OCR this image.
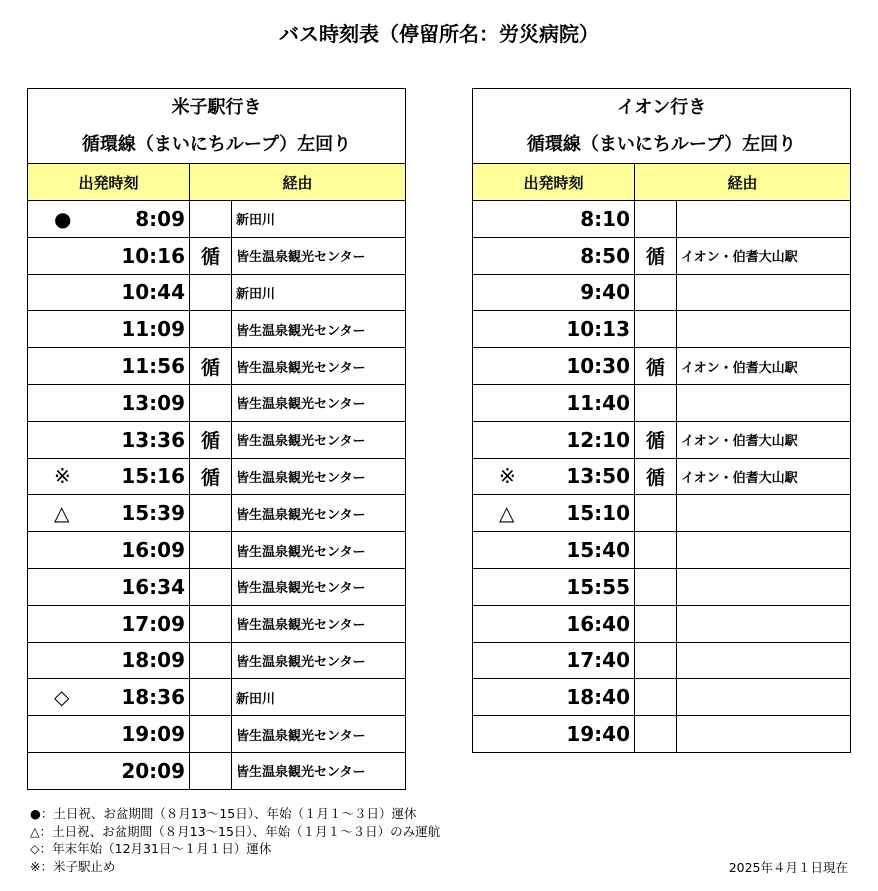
バス時刻表（停留所名：労災病院）
米子駅行き
循環線（まいにちループ）左回り		

出発時刻	経由	

● 8:09		新田川

10:16	循	皆生温泉観光センター

10:44		新田川

11:09		皆生温泉観光センター

11:56	循	皆生温泉観光センター

13:09		皆生温泉観光センター

13:36	循	皆生温泉観光センター

※ 15:16	循	皆生温泉観光センター

△ 15:39		皆生温泉観光センター

16:09		皆生温泉観光センター

16:34		皆生温泉観光センター

17:09		皆生温泉観光センター

18:09		皆生温泉観光センター

◇ 18:36		新田川

19:09		皆生温泉観光センター

20:09		皆生温泉観光センター
イオン行き
循環線（まいにちループ）左回り		

出発時刻	経由	

8:10		

8:50	循	イオン・伯耆大山駅

9:40		

10:13		

10:30	循	イオン・伯耆大山駅

11:40		

12:10	循	イオン・伯耆大山駅

※ 13:50	循	イオン・伯耆大山駅

△ 15:10		

15:40		

15:55		

16:40		

17:40		

18:40		

19:40		

●：土日祝、お盆期間（８月13～15日）、年始（１月１～３日）運休
△：土日祝、お盆期間（８月13～15日）、年始（１月１～３日）のみ運航
◇：年末年始（12月31日～１月１日）運休
※：米子駅止め	2025年４月１日現在
